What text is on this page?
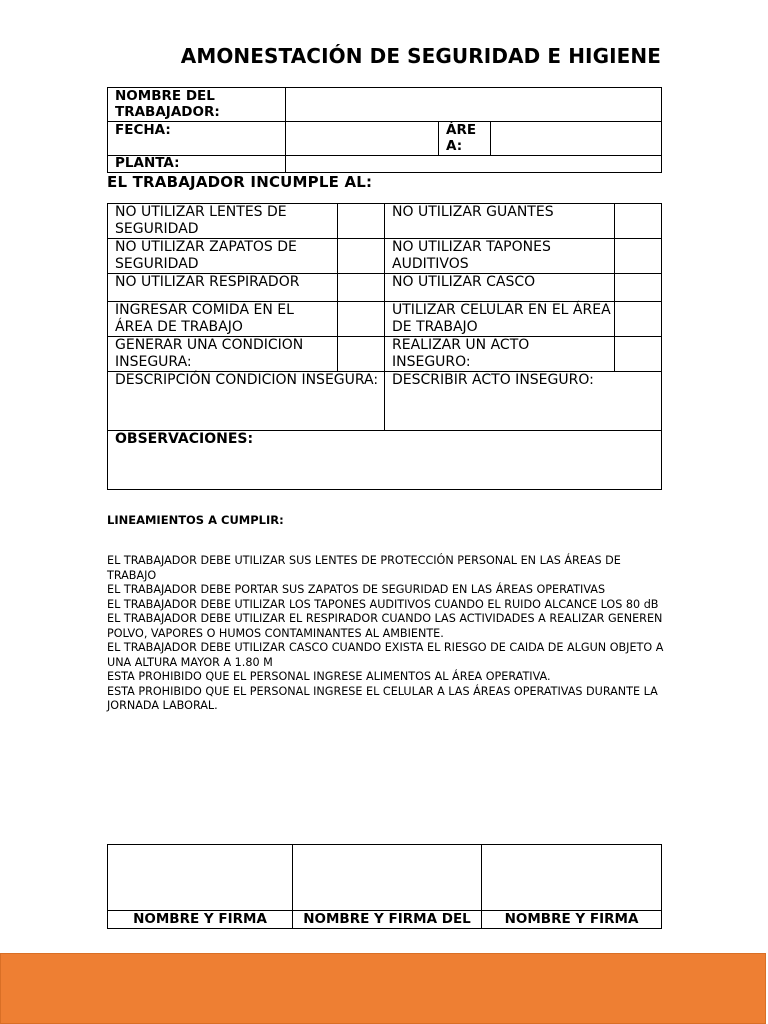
AMONESTACIÓN DE SEGURIDAD E HIGIENE
NOMBRE DEL TRABAJADOR:			
FECHA:		ÁRE A:	
PLANTA:			
EL TRABAJADOR INCUMPLE AL:
NO UTILIZAR LENTES DE SEGURIDAD		NO UTILIZAR GUANTES	
NO UTILIZAR ZAPATOS DE SEGURIDAD		NO UTILIZAR TAPONES AUDITIVOS	
NO UTILIZAR RESPIRADOR		NO UTILIZAR CASCO	
INGRESAR COMIDA EN EL ÁREA DE TRABAJO		UTILIZAR CELULAR EN EL ÁREA DE TRABAJO	
GENERAR UNA CONDICION INSEGURA:		REALIZAR UN ACTO INSEGURO:	
DESCRIPCIÓN CONDICION INSEGURA:		DESCRIBIR ACTO INSEGURO:	
OBSERVACIONES:			
LINEAMIENTOS A CUMPLIR:
EL TRABAJADOR DEBE UTILIZAR SUS LENTES DE PROTECCIÓN PERSONAL EN LAS ÁREAS DE TRABAJO
EL TRABAJADOR DEBE PORTAR SUS ZAPATOS DE SEGURIDAD EN LAS ÁREAS OPERATIVAS
EL TRABAJADOR DEBE UTILIZAR LOS TAPONES AUDITIVOS CUANDO EL RUIDO ALCANCE LOS 80 dB
EL TRABAJADOR DEBE UTILIZAR EL RESPIRADOR CUANDO LAS ACTIVIDADES A REALIZAR GENEREN POLVO, VAPORES O HUMOS CONTAMINANTES AL AMBIENTE.
EL TRABAJADOR DEBE UTILIZAR CASCO CUANDO EXISTA EL RIESGO DE CAIDA DE ALGUN OBJETO A UNA ALTURA MAYOR A 1.80 M
ESTA PROHIBIDO QUE EL PERSONAL INGRESE ALIMENTOS AL ÁREA OPERATIVA.
ESTA PROHIBIDO QUE EL PERSONAL INGRESE EL CELULAR A LAS ÁREAS OPERATIVAS DURANTE LA JORNADA LABORAL.

NOMBRE Y FIRMA	NOMBRE Y FIRMA DEL	NOMBRE Y FIRMA
